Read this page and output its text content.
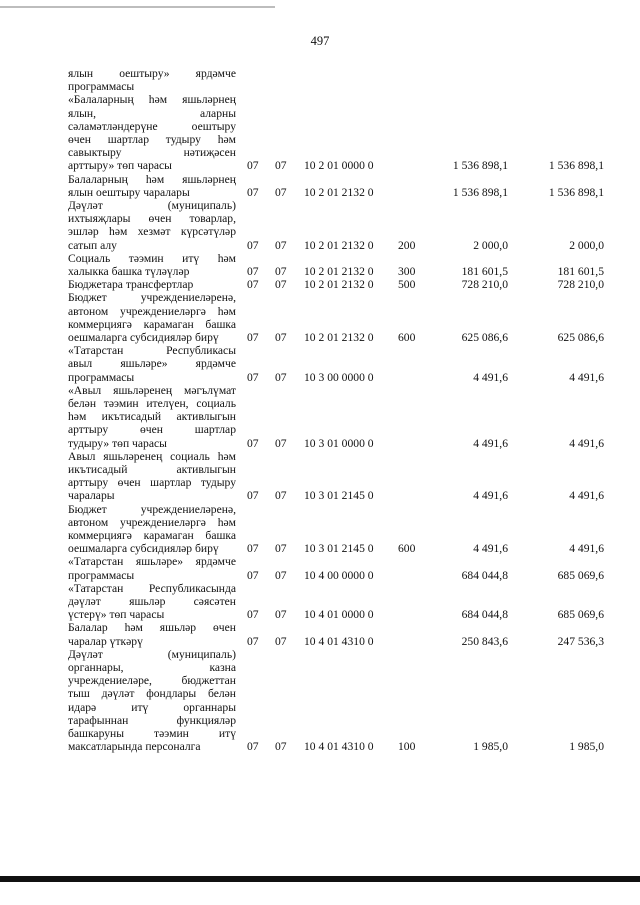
497
ялын оештыру» ярдәмче
программасы
«Балаларның һәм яшьләрнең
ялын, аларны
сәламәтләндерүне оештыру
өчен шартлар тудыру һәм
савыктыру нәтиҗәсен
арттыру» төп чарасы	07 07 10 2 01 0000 0	1 536 898,1	1 536 898,1
Балаларның һәм яшьләрнең
ялын оештыру чаралары	07 07 10 2 01 2132 0	1 536 898,1	1 536 898,1
Дәүләт (муниципаль)
ихтыяҗлары өчен товарлар,
эшләр һәм хезмәт күрсәтүләр
сатып алу	07 07 10 2 01 2132 0 200	2 000,0	2 000,0
Социаль тәэмин итү һәм
халыкка башка түләүләр	07 07 10 2 01 2132 0 300	181 601,5	181 601,5
Бюджетара трансфертлар	07 07 10 2 01 2132 0 500	728 210,0	728 210,0
Бюджет учреждениеләренә,
автоном учреждениеләргә һәм
коммерциягә карамаган башка
оешмаларга субсидияләр бирү	07 07 10 2 01 2132 0 600	625 086,6	625 086,6
«Татарстан Республикасы
авыл яшьләре» ярдәмче
программасы	07 07 10 3 00 0000 0	4 491,6	4 491,6
«Авыл яшьләренең мәгълүмат
белән тәэмин ителүен, социаль
һәм икътисадый активлыгын
арттыру өчен шартлар
тудыру» төп чарасы	07 07 10 3 01 0000 0	4 491,6	4 491,6
Авыл яшьләренең социаль һәм
икътисадый активлыгын
арттыру өчен шартлар тудыру
чаралары	07 07 10 3 01 2145 0	4 491,6	4 491,6
Бюджет учреждениеләренә,
автоном учреждениеләргә һәм
коммерциягә карамаган башка
оешмаларга субсидияләр бирү	07 07 10 3 01 2145 0 600	4 491,6	4 491,6
«Татарстан яшьләре» ярдәмче
программасы	07 07 10 4 00 0000 0	684 044,8	685 069,6
«Татарстан Республикасында
дәүләт яшьләр сәясәтен
үстерү» төп чарасы	07 07 10 4 01 0000 0	684 044,8	685 069,6
Балалар һәм яшьләр өчен
чаралар үткәрү	07 07 10 4 01 4310 0	250 843,6	247 536,3
Дәүләт (муниципаль)
органнары, казна
учреждениеләре, бюджеттан
тыш дәүләт фондлары белән
идарә итү органнары
тарафыннан функцияләр
башкаруны тәэмин итү
максатларында персоналга	07 07 10 4 01 4310 0 100	1 985,0	1 985,0
